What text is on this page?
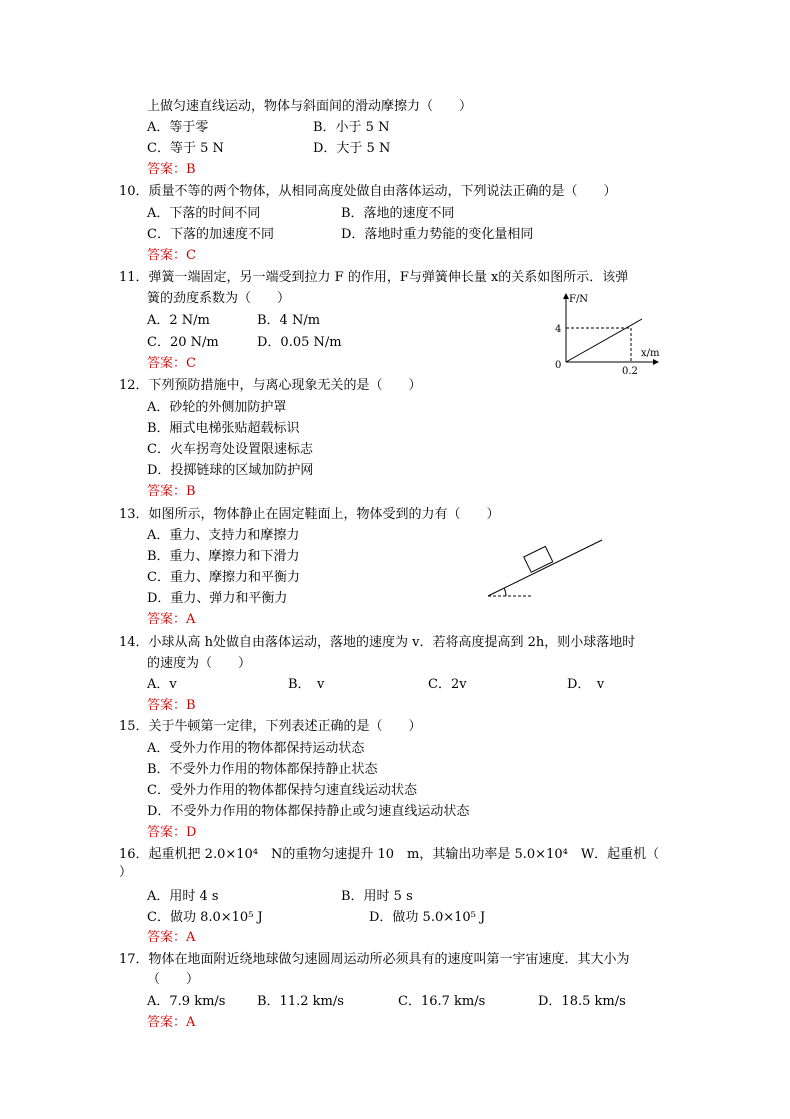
上做匀速直线运动，物体与斜面间的滑动摩擦力（　　）
A．等于零	B．小于 5 N
C．等于 5 N	D．大于 5 N
答案：B
10．质量不等的两个物体，从相同高度处做自由落体运动，下列说法正确的是（　　）
A．下落的时间不同	B．落地的速度不同
C．下落的加速度不同	D．落地时重力势能的变化量相同
答案：C
11．弹簧一端固定，另一端受到拉力 F 的作用，F与弹簧伸长量 x的关系如图所示．该弹
簧的劲度系数为（　　）
A．2 N/m	B．4 N/m
C．20 N/m	D．0.05 N/m
答案：C
F/N
x/m
0
4
0.2
12．下列预防措施中，与离心现象无关的是（　　）
A．砂轮的外侧加防护罩
B．厢式电梯张贴超载标识
C．火车拐弯处设置限速标志
D．投掷链球的区域加防护网
答案：B
13．如图所示，物体静止在固定鞋面上，物体受到的力有（　　）
A．重力、支持力和摩擦力
B．重力、摩擦力和下滑力
C．重力、摩擦力和平衡力
D．重力、弹力和平衡力
答案：A
14．小球从高 h处做自由落体运动，落地的速度为 v．若将高度提高到 2h，则小球落地时
的速度为（　　）
A．v	B．　v	C．2v	D．　v
答案：B
15．关于牛顿第一定律，下列表述正确的是（　　）
A．受外力作用的物体都保持运动状态
B．不受外力作用的物体都保持静止状态
C．受外力作用的物体都保持匀速直线运动状态
D．不受外力作用的物体都保持静止或匀速直线运动状态
答案：D
16．起重机把 2.0×10⁴　N的重物匀速提升 10　m，其输出功率是 5.0×10⁴　W．起重机（
）
A．用时 4 s	B．用时 5 s
C．做功 8.0×10⁵ J	D．做功 5.0×10⁵ J
答案：A
17．物体在地面附近绕地球做匀速圆周运动所必须具有的速度叫第一宇宙速度．其大小为
（　　）
A．7.9 km/s B．11.2 km/s	C．16.7 km/s	D．18.5 km/s
答案：A
